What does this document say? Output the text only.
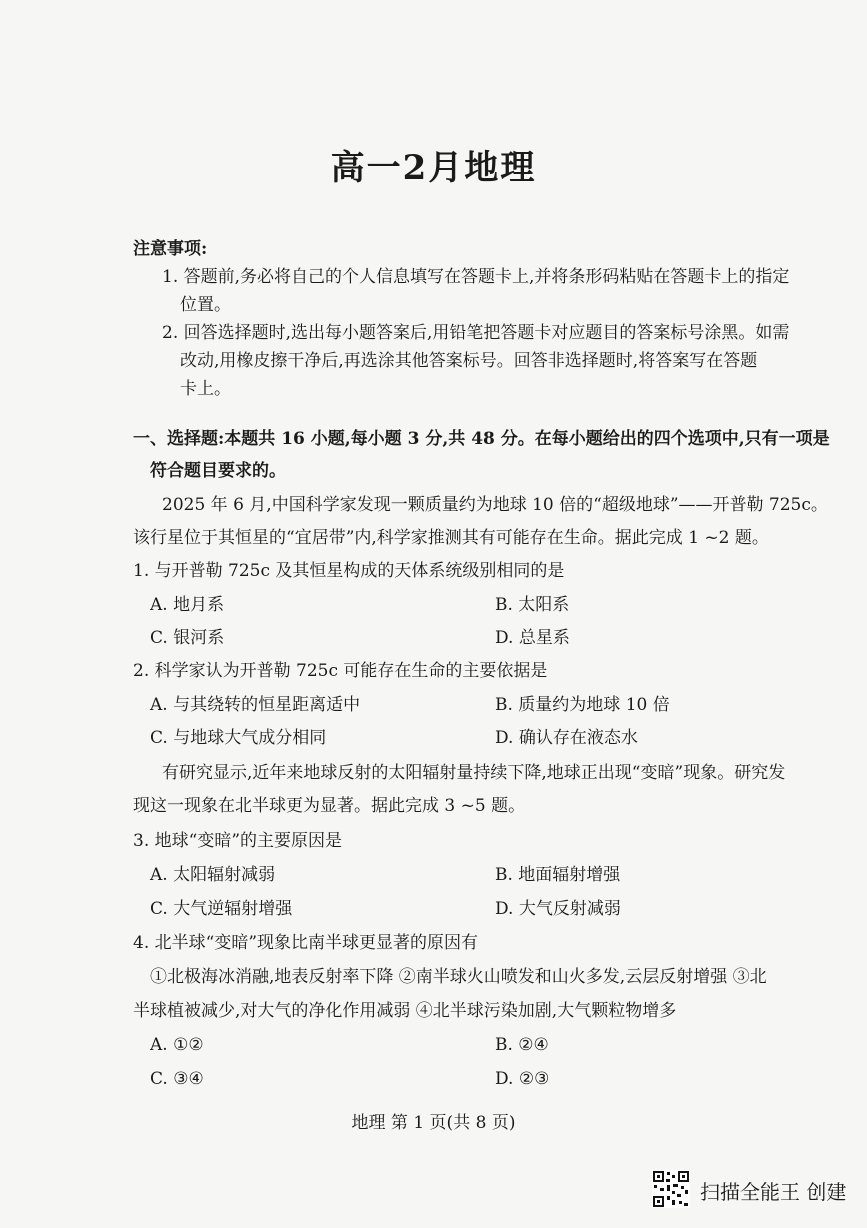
高一2月地理
注意事项:
1. 答题前,务必将自己的个人信息填写在答题卡上,并将条形码粘贴在答题卡上的指定
位置。
2. 回答选择题时,选出每小题答案后,用铅笔把答题卡对应题目的答案标号涂黑。如需
改动,用橡皮擦干净后,再选涂其他答案标号。回答非选择题时,将答案写在答题
卡上。
一、选择题:本题共 16 小题,每小题 3 分,共 48 分。在每小题给出的四个选项中,只有一项是
符合题目要求的。
2025 年 6 月,中国科学家发现一颗质量约为地球 10 倍的“超级地球”——开普勒 725c。
该行星位于其恒星的“宜居带”内,科学家推测其有可能存在生命。据此完成 1 ~2 题。
1. 与开普勒 725c 及其恒星构成的天体系统级别相同的是
A. 地月系	B. 太阳系
C. 银河系	D. 总星系
2. 科学家认为开普勒 725c 可能存在生命的主要依据是
A. 与其绕转的恒星距离适中	B. 质量约为地球 10 倍
C. 与地球大气成分相同	D. 确认存在液态水
有研究显示,近年来地球反射的太阳辐射量持续下降,地球正出现“变暗”现象。研究发
现这一现象在北半球更为显著。据此完成 3 ~5 题。
3. 地球“变暗”的主要原因是
A. 太阳辐射减弱	B. 地面辐射增强
C. 大气逆辐射增强	D. 大气反射减弱
4. 北半球“变暗”现象比南半球更显著的原因有
①北极海冰消融,地表反射率下降 ②南半球火山喷发和山火多发,云层反射增强 ③北
半球植被减少,对大气的净化作用减弱 ④北半球污染加剧,大气颗粒物增多
A. ①②	B. ②④
C. ③④	D. ②③
地理 第 1 页(共 8 页)
扫描全能王 创建
